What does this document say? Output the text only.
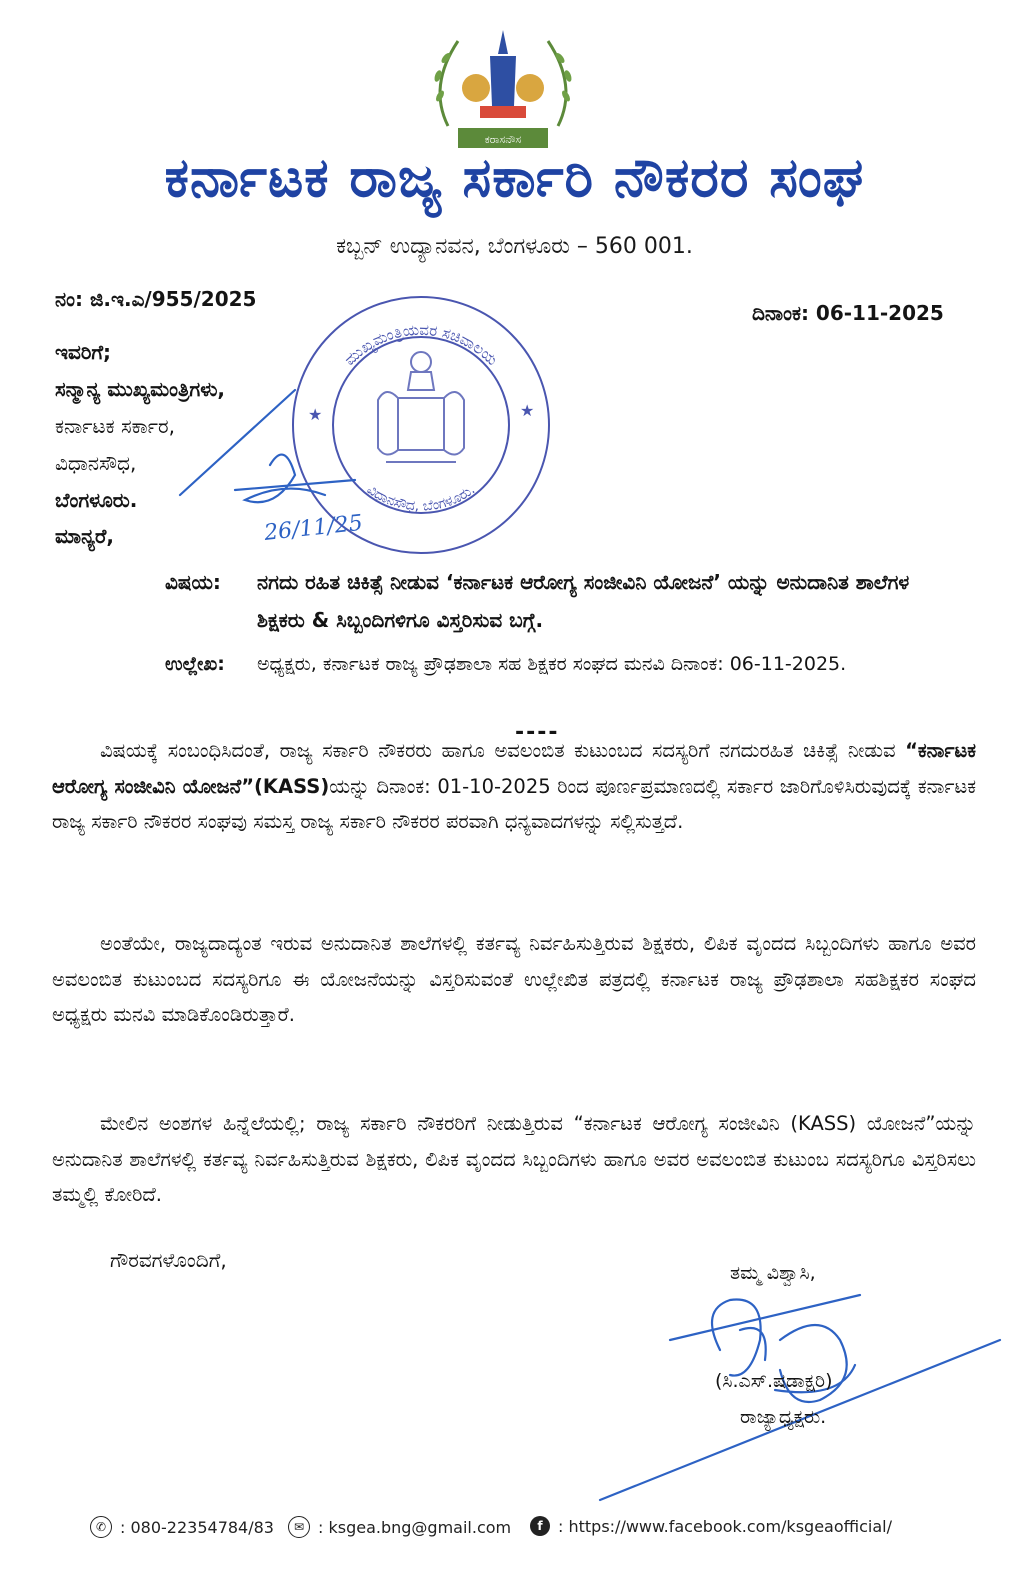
ಕರಾಸನೌಸ
ಕರ್ನಾಟಕ ರಾಜ್ಯ ಸರ್ಕಾರಿ ನೌಕರರ ಸಂಘ
ಕಬ್ಬನ್ ಉದ್ಯಾನವನ, ಬೆಂಗಳೂರು – 560 001.
ನಂ: ಜಿ.ಇ.ಎ/955/2025
ದಿನಾಂಕ: 06-11-2025
ಮುಖ್ಯಮಂತ್ರಿಯವರ ಸಚಿವಾಲಯ
ವಿಧಾನಸೌಧ, ಬೆಂಗಳೂರು.
★	★
26/11/25
ಇವರಿಗೆ;
ಸನ್ಮಾನ್ಯ ಮುಖ್ಯಮಂತ್ರಿಗಳು,
ಕರ್ನಾಟಕ ಸರ್ಕಾರ,
ವಿಧಾನಸೌಧ,
ಬೆಂಗಳೂರು.
ಮಾನ್ಯರೆ,
ವಿಷಯ: ನಗದು ರಹಿತ ಚಿಕಿತ್ಸೆ ನೀಡುವ ‘ಕರ್ನಾಟಕ ಆರೋಗ್ಯ ಸಂಜೀವಿನಿ ಯೋಜನೆ’ ಯನ್ನು ಅನುದಾನಿತ ಶಾಲೆಗಳ ಶಿಕ್ಷಕರು & ಸಿಬ್ಬಂದಿಗಳಿಗೂ ವಿಸ್ತರಿಸುವ ಬಗ್ಗೆ.
ಉಲ್ಲೇಖ: ಅಧ್ಯಕ್ಷರು, ಕರ್ನಾಟಕ ರಾಜ್ಯ ಪ್ರೌಢಶಾಲಾ ಸಹ ಶಿಕ್ಷಕರ ಸಂಘದ ಮನವಿ ದಿನಾಂಕ: 06-11-2025.
----
ವಿಷಯಕ್ಕೆ ಸಂಬಂಧಿಸಿದಂತೆ, ರಾಜ್ಯ ಸರ್ಕಾರಿ ನೌಕರರು ಹಾಗೂ ಅವಲಂಬಿತ ಕುಟುಂಬದ ಸದಸ್ಯರಿಗೆ ನಗದುರಹಿತ ಚಿಕಿತ್ಸೆ ನೀಡುವ “ಕರ್ನಾಟಕ ಆರೋಗ್ಯ ಸಂಜೀವಿನಿ ಯೋಜನೆ”(KASS)ಯನ್ನು ದಿನಾಂಕ: 01-10-2025 ರಿಂದ ಪೂರ್ಣಪ್ರಮಾಣದಲ್ಲಿ ಸರ್ಕಾರ ಜಾರಿಗೊಳಿಸಿರುವುದಕ್ಕೆ ಕರ್ನಾಟಕ ರಾಜ್ಯ ಸರ್ಕಾರಿ ನೌಕರರ ಸಂಘವು ಸಮಸ್ತ ರಾಜ್ಯ ಸರ್ಕಾರಿ ನೌಕರರ ಪರವಾಗಿ ಧನ್ಯವಾದಗಳನ್ನು ಸಲ್ಲಿಸುತ್ತದೆ.
ಅಂತೆಯೇ, ರಾಜ್ಯದಾದ್ಯಂತ ಇರುವ ಅನುದಾನಿತ ಶಾಲೆಗಳಲ್ಲಿ ಕರ್ತವ್ಯ ನಿರ್ವಹಿಸುತ್ತಿರುವ ಶಿಕ್ಷಕರು, ಲಿಪಿಕ ವೃಂದದ ಸಿಬ್ಬಂದಿಗಳು ಹಾಗೂ ಅವರ ಅವಲಂಬಿತ ಕುಟುಂಬದ ಸದಸ್ಯರಿಗೂ ಈ ಯೋಜನೆಯನ್ನು ವಿಸ್ತರಿಸುವಂತೆ ಉಲ್ಲೇಖಿತ ಪತ್ರದಲ್ಲಿ ಕರ್ನಾಟಕ ರಾಜ್ಯ ಪ್ರೌಢಶಾಲಾ ಸಹಶಿಕ್ಷಕರ ಸಂಘದ ಅಧ್ಯಕ್ಷರು ಮನವಿ ಮಾಡಿಕೊಂಡಿರುತ್ತಾರೆ.
ಮೇಲಿನ ಅಂಶಗಳ ಹಿನ್ನೆಲೆಯಲ್ಲಿ; ರಾಜ್ಯ ಸರ್ಕಾರಿ ನೌಕರರಿಗೆ ನೀಡುತ್ತಿರುವ “ಕರ್ನಾಟಕ ಆರೋಗ್ಯ ಸಂಜೀವಿನಿ (KASS) ಯೋಜನೆ”ಯನ್ನು ಅನುದಾನಿತ ಶಾಲೆಗಳಲ್ಲಿ ಕರ್ತವ್ಯ ನಿರ್ವಹಿಸುತ್ತಿರುವ ಶಿಕ್ಷಕರು, ಲಿಪಿಕ ವೃಂದದ ಸಿಬ್ಬಂದಿಗಳು ಹಾಗೂ ಅವರ ಅವಲಂಬಿತ ಕುಟುಂಬ ಸದಸ್ಯರಿಗೂ ವಿಸ್ತರಿಸಲು ತಮ್ಮಲ್ಲಿ ಕೋರಿದೆ.
ಗೌರವಗಳೊಂದಿಗೆ,
ತಮ್ಮ ವಿಶ್ವಾಸಿ,
(ಸಿ.ಎಸ್.ಷಡಾಕ್ಷರಿ)
ರಾಜ್ಯಾಧ್ಯಕ್ಷರು.
✆ : 080-22354784/83	✉ : ksgea.bng@gmail.com	f : https://www.facebook.com/ksgeaofficial/
